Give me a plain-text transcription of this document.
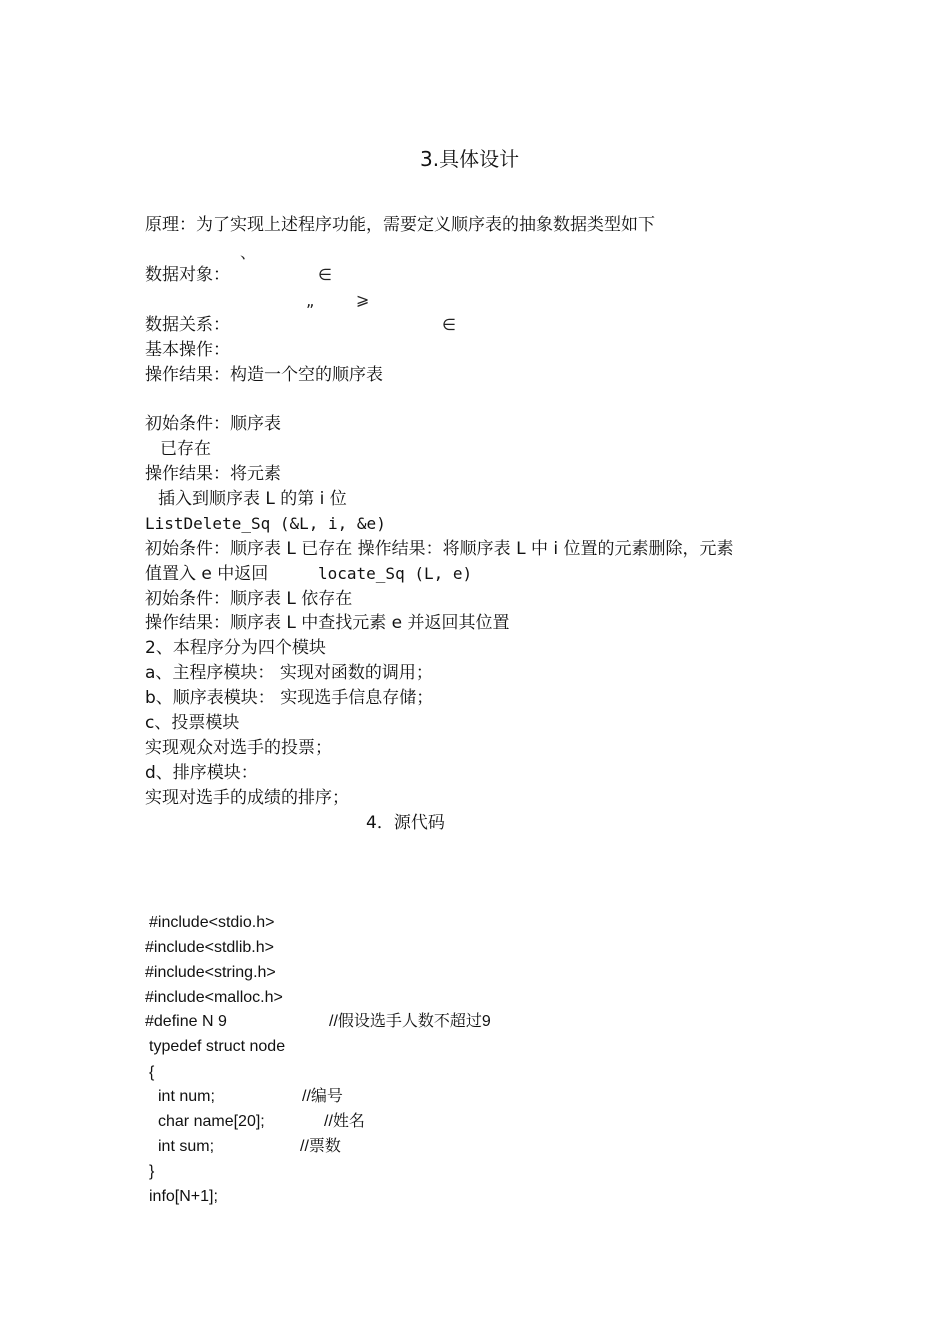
3.具体设计
原理：为了实现上述程序功能，需要定义顺序表的抽象数据类型如下
、
数据对象：	∈
„	⩾
数据关系：	∈
基本操作：
操作结果：构造一个空的顺序表
初始条件：顺序表
已存在
操作结果：将元素
插入到顺序表 L 的第 i 位
ListDelete_Sq (&L, i, &e)
初始条件：顺序表 L 已存在 操作结果：将顺序表 L 中 i 位置的元素删除，元素
值置入 e 中返回	locate_Sq (L, e)
初始条件：顺序表 L 依存在
操作结果：顺序表 L 中查找元素 e 并返回其位置
2、本程序分为四个模块
a、主程序模块： 实现对函数的调用；
b、顺序表模块： 实现选手信息存储；
c、投票模块
实现观众对选手的投票；
d、排序模块：
实现对选手的成绩的排序；
4．源代码
#include<stdio.h>
#include<stdlib.h>
#include<string.h>
#include<malloc.h>
#define N 9	//假设选手人数不超过9
typedef struct node
{
int num;	//编号
char name[20];	//姓名
int sum;	//票数
}
info[N+1];
